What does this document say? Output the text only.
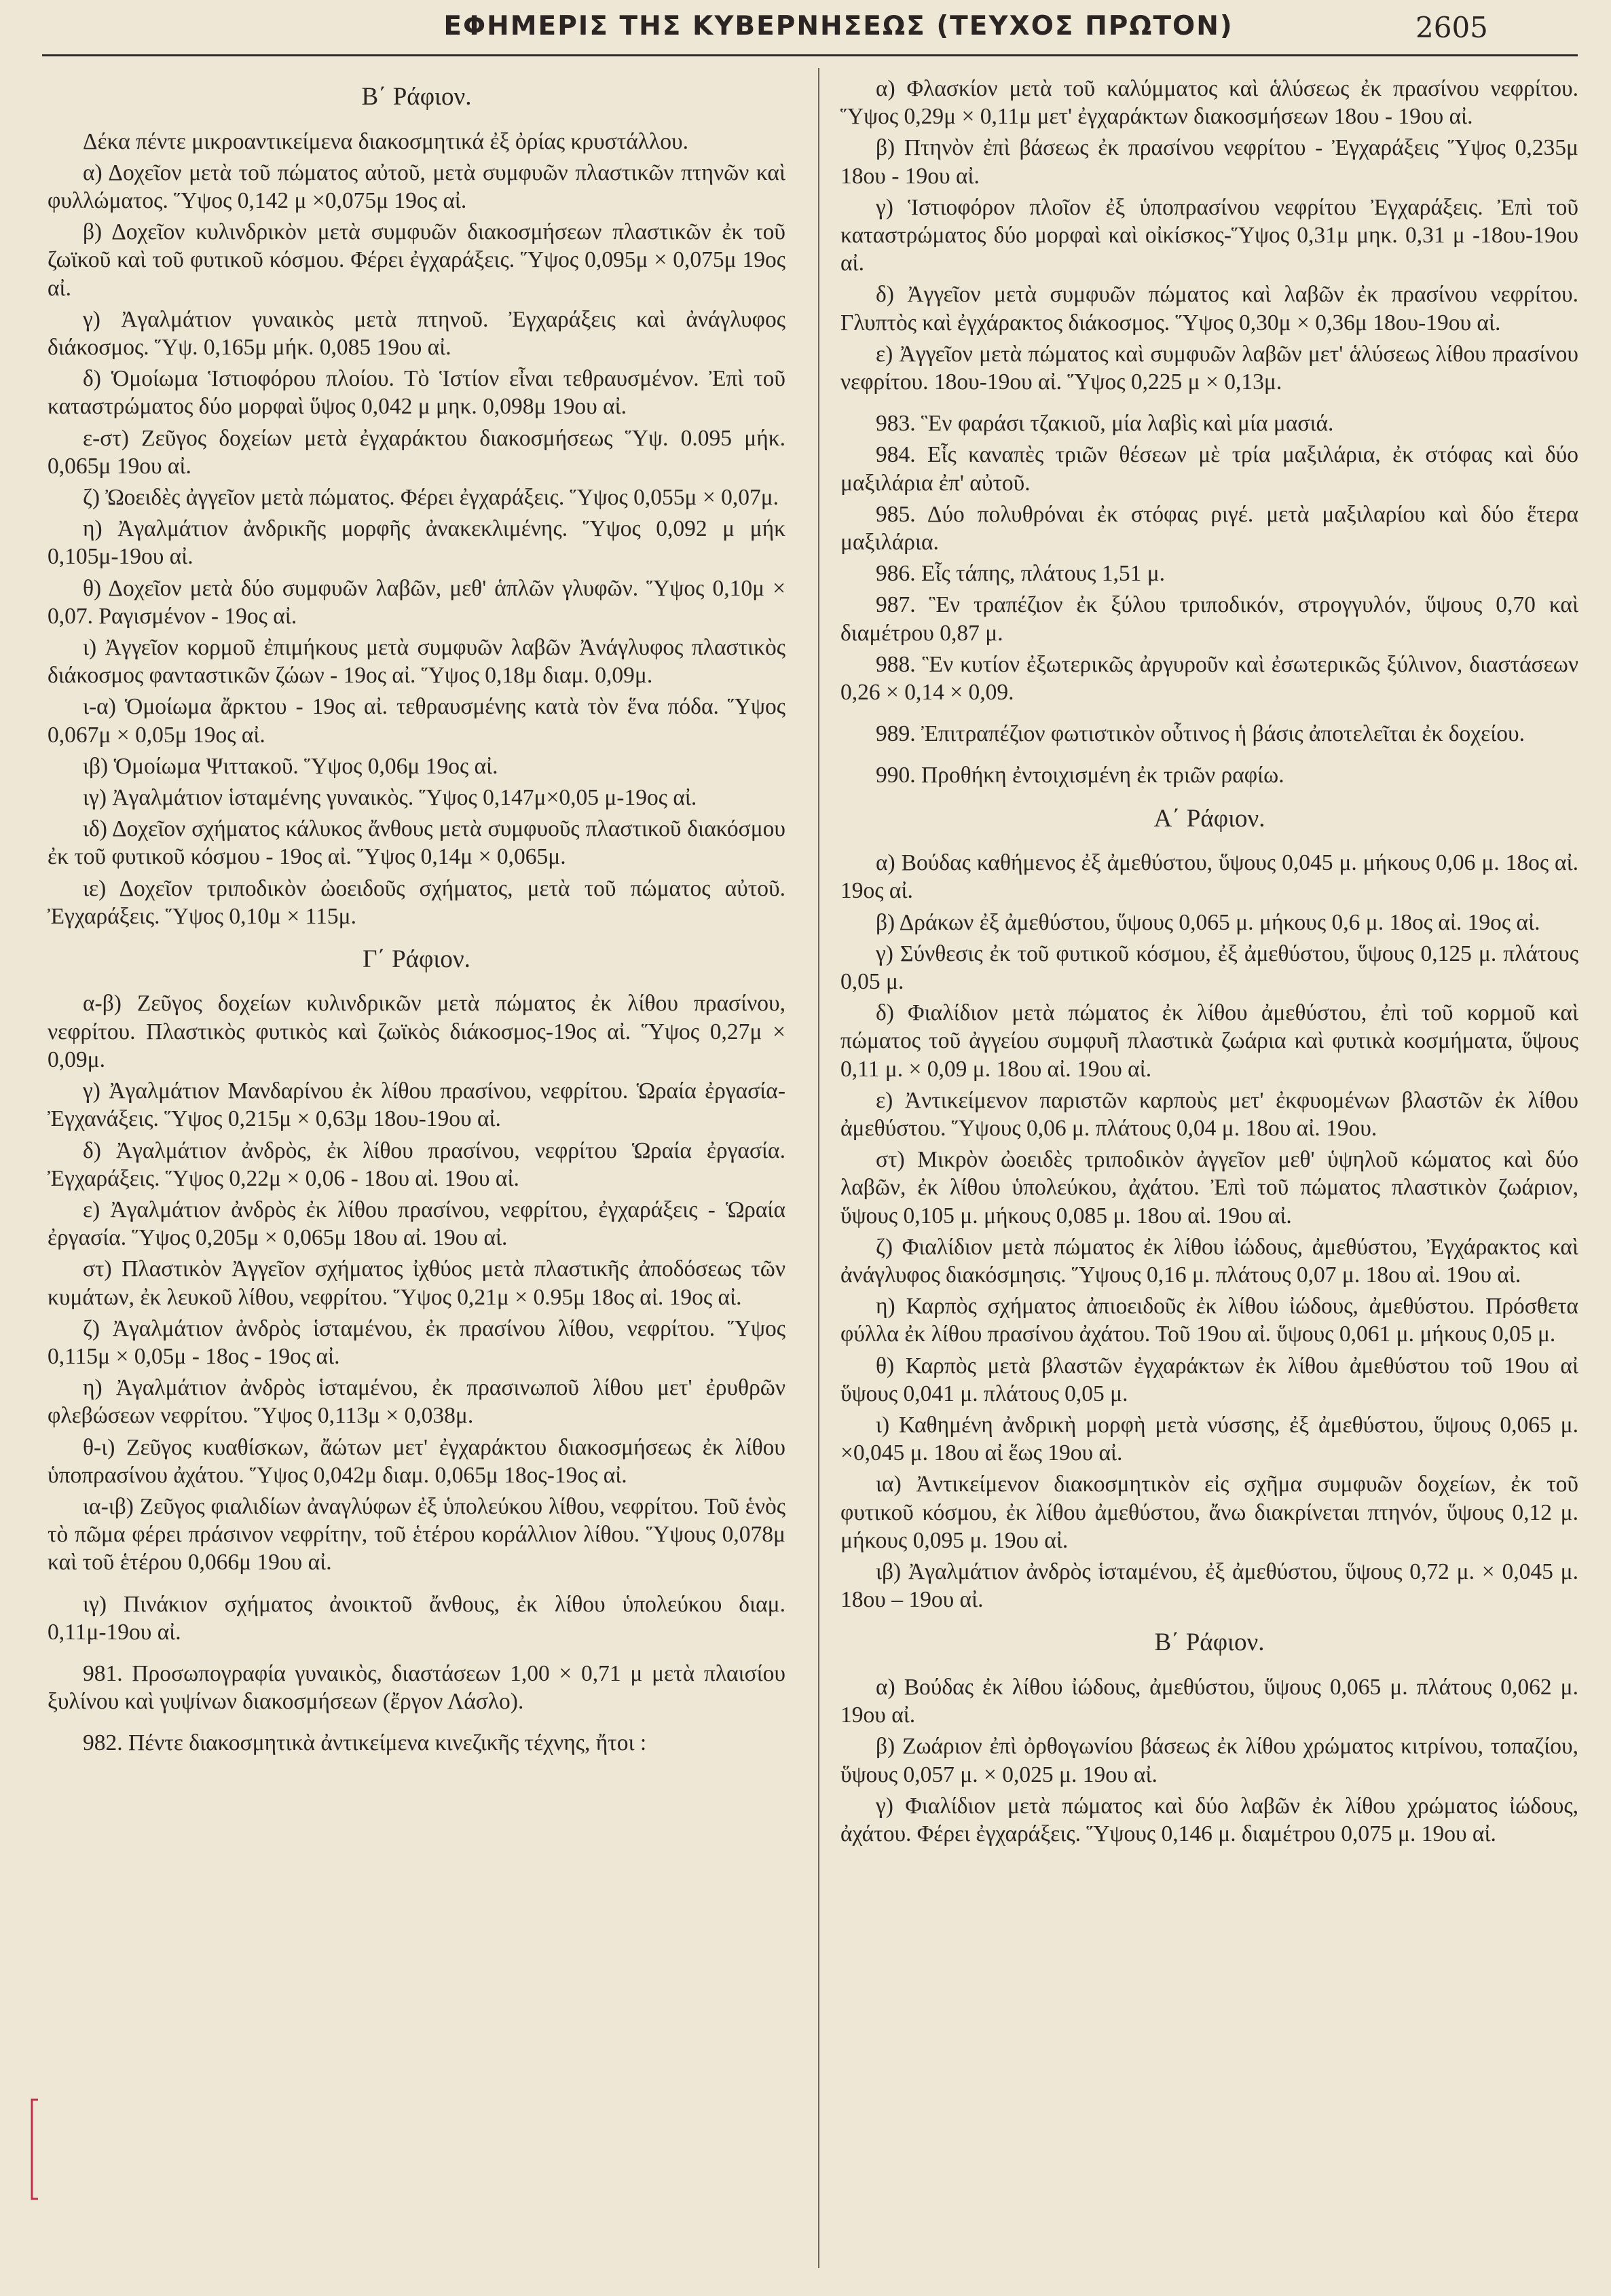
ΕΦΗΜΕΡΙΣ ΤΗΣ ΚΥΒΕΡΝΗΣΕΩΣ (ΤΕΥΧΟΣ ΠΡΩΤΟΝ)	2605
Β΄ Ράφιον.

Δέκα πέντε μικροαντικείμενα διακοσμητικά ἐξ ὀρίας κρυστάλλου.

α) Δοχεῖον μετὰ τοῦ πώματος αὐτοῦ, μετὰ συμφυῶν πλαστικῶν πτηνῶν καὶ φυλλώματος. Ὕψος 0,142 μ ×0,075μ 19ος αἰ.

β) Δοχεῖον κυλινδρικὸν μετὰ συμφυῶν διακοσμήσεων πλαστικῶν ἐκ τοῦ ζωϊκοῦ καὶ τοῦ φυτικοῦ κόσμου. Φέρει ἐγχαράξεις. Ὕψος 0,095μ × 0,075μ 19ος αἰ.

γ) Ἀγαλμάτιον γυναικὸς μετὰ πτηνοῦ. Ἐγχαράξεις καὶ ἀνάγλυφος διάκοσμος. Ὕψ. 0,165μ μήκ. 0,085 19ου αἰ.

δ) Ὁμοίωμα Ἱστιοφόρου πλοίου. Τὸ Ἱστίον εἶναι τεθραυσμένον. Ἐπὶ τοῦ καταστρώματος δύο μορφαὶ ὕψος 0,042 μ μηκ. 0,098μ 19ου αἰ.

ε-στ) Ζεῦγος δοχείων μετὰ ἐγχαράκτου διακοσμήσεως Ὕψ. 0.095 μήκ. 0,065μ 19ου αἰ.

ζ) Ὠοειδὲς ἀγγεῖον μετὰ πώματος. Φέρει ἐγχαράξεις. Ὕψος 0,055μ × 0,07μ.

η) Ἀγαλμάτιον ἀνδρικῆς μορφῆς ἀνακεκλιμένης. Ὕψος 0,092 μ μήκ 0,105μ-19ου αἰ.

θ) Δοχεῖον μετὰ δύο συμφυῶν λαβῶν, μεθ' ἁπλῶν γλυφῶν. Ὕψος 0,10μ × 0,07. Ραγισμένον - 19ος αἰ.

ι) Ἀγγεῖον κορμοῦ ἐπιμήκους μετὰ συμφυῶν λαβῶν Ἀνάγλυφος πλαστικὸς διάκοσμος φανταστικῶν ζώων - 19ος αἰ. Ὕψος 0,18μ διαμ. 0,09μ.

ι-α) Ὁμοίωμα ἄρκτου - 19ος αἰ. τεθραυσμένης κατὰ τὸν ἕνα πόδα. Ὕψος 0,067μ × 0,05μ 19ος αἰ.

ιβ) Ὁμοίωμα Ψιττακοῦ. Ὕψος 0,06μ 19ος αἰ.

ιγ) Ἀγαλμάτιον ἱσταμένης γυναικὸς. Ὕψος 0,147μ×0,05 μ-19ος αἰ.

ιδ) Δοχεῖον σχήματος κάλυκος ἄνθους μετὰ συμφυοῦς πλαστικοῦ διακόσμου ἐκ τοῦ φυτικοῦ κόσμου - 19ος αἰ. Ὕψος 0,14μ × 0,065μ.

ιε) Δοχεῖον τριποδικὸν ὠοειδοῦς σχήματος, μετὰ τοῦ πώματος αὐτοῦ. Ἐγχαράξεις. Ὕψος 0,10μ × 115μ.

Γ΄ Ράφιον.

α-β) Ζεῦγος δοχείων κυλινδρικῶν μετὰ πώματος ἐκ λίθου πρασίνου, νεφρίτου. Πλαστικὸς φυτικὸς καὶ ζωϊκὸς διάκοσμος-19ος αἰ. Ὕψος 0,27μ × 0,09μ.

γ) Ἀγαλμάτιον Μανδαρίνου ἐκ λίθου πρασίνου, νεφρίτου. Ὡραία ἐργασία-Ἐγχανάξεις. Ὕψος 0,215μ × 0,63μ 18ου-19ου αἰ.

δ) Ἀγαλμάτιον ἀνδρὸς, ἐκ λίθου πρασίνου, νεφρίτου Ὡραία ἐργασία. Ἐγχαράξεις. Ὕψος 0,22μ × 0,06 - 18ου αἰ. 19ου αἰ.

ε) Ἀγαλμάτιον ἀνδρὸς ἐκ λίθου πρασίνου, νεφρίτου, ἐγχαράξεις - Ὡραία ἐργασία. Ὕψος 0,205μ × 0,065μ 18ου αἰ. 19ου αἰ.

στ) Πλαστικὸν Ἀγγεῖον σχήματος ἰχθύος μετὰ πλαστικῆς ἀποδόσεως τῶν κυμάτων, ἐκ λευκοῦ λίθου, νεφρίτου. Ὕψος 0,21μ × 0.95μ 18ος αἰ. 19ος αἰ.

ζ) Ἀγαλμάτιον ἀνδρὸς ἱσταμένου, ἐκ πρασίνου λίθου, νεφρίτου. Ὕψος 0,115μ × 0,05μ - 18ος - 19ος αἰ.

η) Ἀγαλμάτιον ἀνδρὸς ἱσταμένου, ἐκ πρασινωποῦ λίθου μετ' ἐρυθρῶν φλεβώσεων νεφρίτου. Ὕψος 0,113μ × 0,038μ.

θ-ι) Ζεῦγος κυαθίσκων, ἄώτων μετ' ἐγχαράκτου διακοσμήσεως ἐκ λίθου ὑποπρασίνου ἀχάτου. Ὕψος 0,042μ διαμ. 0,065μ 18ος-19ος αἰ.

ια-ιβ) Ζεῦγος φιαλιδίων ἀναγλύφων ἐξ ὑπολεύκου λίθου, νεφρίτου. Τοῦ ἑνὸς τὸ πῶμα φέρει πράσινον νεφρίτην, τοῦ ἑτέρου κοράλλιον λίθου. Ὕψους 0,078μ καὶ τοῦ ἑτέρου 0,066μ 19ου αἰ.

ιγ) Πινάκιον σχήματος ἀνοικτοῦ ἄνθους, ἐκ λίθου ὑπολεύκου διαμ. 0,11μ-19ου αἰ.

981. Προσωπογραφία γυναικὸς, διαστάσεων 1,00 × 0,71 μ μετὰ πλαισίου ξυλίνου καὶ γυψίνων διακοσμήσεων (ἔργον Λάσλο).

982. Πέντε διακοσμητικὰ ἀντικείμενα κινεζικῆς τέχνης, ἤτοι :

α) Φλασκίον μετὰ τοῦ καλύμματος καὶ ἁλύσεως ἐκ πρασίνου νεφρίτου. Ὕψος 0,29μ × 0,11μ μετ' ἐγχαράκτων διακοσμήσεων 18ου - 19ου αἰ.

β) Πτηνὸν ἐπὶ βάσεως ἐκ πρασίνου νεφρίτου - Ἐγχαράξεις Ὕψος 0,235μ 18ου - 19ου αἰ.

γ) Ἱστιοφόρον πλοῖον ἐξ ὑποπρασίνου νεφρίτου Ἐγχαράξεις. Ἐπὶ τοῦ καταστρώματος δύο μορφαὶ καὶ οἰκίσκος-Ὕψος 0,31μ μηκ. 0,31 μ -18ου-19ου αἰ.

δ) Ἀγγεῖον μετὰ συμφυῶν πώματος καὶ λαβῶν ἐκ πρασίνου νεφρίτου. Γλυπτὸς καὶ ἐγχάρακτος διάκοσμος. Ὕψος 0,30μ × 0,36μ 18ου-19ου αἰ.

ε) Ἀγγεῖον μετὰ πώματος καὶ συμφυῶν λαβῶν μετ' ἁλύσεως λίθου πρασίνου νεφρίτου. 18ου-19ου αἰ. Ὕψος 0,225 μ × 0,13μ.

983. Ἓν φαράσι τζακιοῦ, μία λαβὶς καὶ μία μασιά.

984. Εἷς καναπὲς τριῶν θέσεων μὲ τρία μαξιλάρια, ἐκ στόφας καὶ δύο μαξιλάρια ἐπ' αὐτοῦ.

985. Δύο πολυθρόναι ἐκ στόφας ριγέ. μετὰ μαξιλαρίου καὶ δύο ἕτερα μαξιλάρια.

986. Εἷς τάπης, πλάτους 1,51 μ.

987. Ἓν τραπέζιον ἐκ ξύλου τριποδικόν, στρογγυλόν, ὕψους 0,70 καὶ διαμέτρου 0,87 μ.

988. Ἓν κυτίον ἐξωτερικῶς ἀργυροῦν καὶ ἐσωτερικῶς ξύλινον, διαστάσεων 0,26 × 0,14 × 0,09.

989. Ἐπιτραπέζιον φωτιστικὸν οὗτινος ἡ βάσις ἀποτελεῖται ἐκ δοχείου.

990. Προθήκη ἐντοιχισμένη ἐκ τριῶν ραφίω.

Α΄ Ράφιον.

α) Βούδας καθήμενος ἐξ ἀμεθύστου, ὕψους 0,045 μ. μήκους 0,06 μ. 18ος αἰ. 19ος αἰ.

β) Δράκων ἐξ ἀμεθύστου, ὕψους 0,065 μ. μήκους 0,6 μ. 18ος αἰ. 19ος αἰ.

γ) Σύνθεσις ἐκ τοῦ φυτικοῦ κόσμου, ἐξ ἀμεθύστου, ὕψους 0,125 μ. πλάτους 0,05 μ.

δ) Φιαλίδιον μετὰ πώματος ἐκ λίθου ἀμεθύστου, ἐπὶ τοῦ κορμοῦ καὶ πώματος τοῦ ἀγγείου συμφυῆ πλαστικὰ ζωάρια καὶ φυτικὰ κοσμήματα, ὕψους 0,11 μ. × 0,09 μ. 18ου αἰ. 19ου αἰ.

ε) Ἀντικείμενον παριστῶν καρποὺς μετ' ἐκφυομένων βλαστῶν ἐκ λίθου ἀμεθύστου. Ὕψους 0,06 μ. πλάτους 0,04 μ. 18ου αἰ. 19ου.

στ) Μικρὸν ὠοειδὲς τριποδικὸν ἀγγεῖον μεθ' ὑψηλοῦ κώματος καὶ δύο λαβῶν, ἐκ λίθου ὑπολεύκου, ἀχάτου. Ἐπὶ τοῦ πώματος πλαστικὸν ζωάριον, ὕψους 0,105 μ. μήκους 0,085 μ. 18ου αἰ. 19ου αἰ.

ζ) Φιαλίδιον μετὰ πώματος ἐκ λίθου ἰώδους, ἀμεθύστου, Ἐγχάρακτος καὶ ἀνάγλυφος διακόσμησις. Ὕψους 0,16 μ. πλάτους 0,07 μ. 18ου αἰ. 19ου αἰ.

η) Καρπὸς σχήματος ἀπιοειδοῦς ἐκ λίθου ἰώδους, ἀμεθύστου. Πρόσθετα φύλλα ἐκ λίθου πρασίνου ἀχάτου. Τοῦ 19ου αἰ. ὕψους 0,061 μ. μήκους 0,05 μ.

θ) Καρπὸς μετὰ βλαστῶν ἐγχαράκτων ἐκ λίθου ἀμεθύστου τοῦ 19ου αἰ ὕψους 0,041 μ. πλάτους 0,05 μ.

ι) Καθημένη ἀνδρικὴ μορφὴ μετὰ νύσσης, ἐξ ἀμεθύστου, ὕψους 0,065 μ. ×0,045 μ. 18ου αἰ ἕως 19ου αἰ.

ια) Ἀντικείμενον διακοσμητικὸν εἰς σχῆμα συμφυῶν δοχείων, ἐκ τοῦ φυτικοῦ κόσμου, ἐκ λίθου ἀμεθύστου, ἄνω διακρίνεται πτηνόν, ὕψους 0,12 μ. μήκους 0,095 μ. 19ου αἰ.

ιβ) Ἀγαλμάτιον ἀνδρὸς ἱσταμένου, ἐξ ἀμεθύστου, ὕψους 0,72 μ. × 0,045 μ. 18ου – 19ου αἰ.

Β΄ Ράφιον.

α) Βούδας ἐκ λίθου ἰώδους, ἀμεθύστου, ὕψους 0,065 μ. πλάτους 0,062 μ. 19ου αἰ.

β) Ζωάριον ἐπὶ ὀρθογωνίου βάσεως ἐκ λίθου χρώματος κιτρίνου, τοπαζίου, ὕψους 0,057 μ. × 0,025 μ. 19ου αἰ.

γ) Φιαλίδιον μετὰ πώματος καὶ δύο λαβῶν ἐκ λίθου χρώματος ἰώδους, ἀχάτου. Φέρει ἐγχαράξεις. Ὕψους 0,146 μ. διαμέτρου 0,075 μ. 19ου αἰ.
